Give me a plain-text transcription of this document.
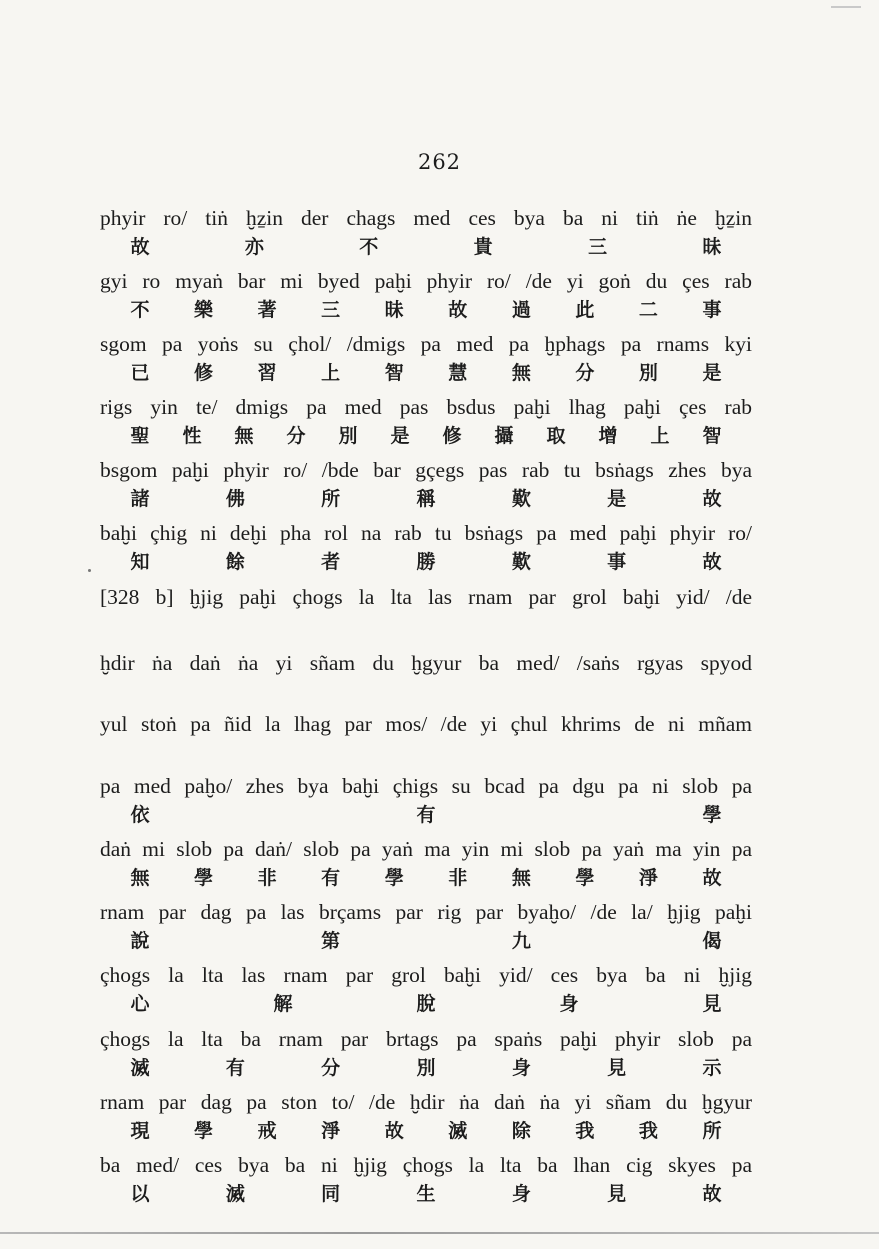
262
phyir ro/ tiṅ ḫẕin der chags med ces bya ba ni tiṅ ṅe ḫẕin
故	亦	不	貴	三	昧
gyi ro myaṅ bar mi byed paḫi phyir ro/ /de yi goṅ du çes rab
不 樂 著 三 昧 故 過 此 二 事
sgom pa yoṅs su çhol/ /dmigs pa med pa ḫphags pa rnams kyi
已 修 習 上 智 慧 無 分 別 是
rigs yin te/ dmigs pa med pas bsdus paḫi lhag paḫi çes rab
聖 性 無 分 別 是 修 攝 取 增 上 智
bsgom paḫi phyir ro/ /bde bar gçegs pas rab tu bsṅags zhes bya
諸	佛	所	稱	歎	是	故
baḫi çhig ni deḫi pha rol na rab tu bsṅags pa med paḫi phyir ro/
知	餘	者	勝	歎	事	故
[328 b] ḫjig paḫi çhogs la lta las rnam par grol baḫi yid/ /de
ḫdir ṅa daṅ ṅa yi sñam du ḫgyur ba med/ /saṅs rgyas spyod
yul stoṅ pa ñid la lhag par mos/ /de yi çhul khrims de ni mñam
pa med paḫo/ zhes bya baḫi çhigs su bcad pa dgu pa ni slob pa
依	有	學
daṅ mi slob pa daṅ/ slob pa yaṅ ma yin mi slob pa yaṅ ma yin pa
無 學 非 有 學 非 無 學 淨 故
rnam par dag pa las brçams par rig par byaḫo/ /de la/ ḫjig paḫi
說	第	九	偈
çhogs la lta las rnam par grol baḫi yid/ ces bya ba ni ḫjig
心	解	脫	身	見
çhogs la lta ba rnam par brtags pa spaṅs paḫi phyir slob pa
滅	有	分	別	身	見	示
rnam par dag pa ston to/ /de ḫdir ṅa daṅ ṅa yi sñam du ḫgyur
現 學 戒 淨 故 滅 除 我 我 所
ba med/ ces bya ba ni ḫjig çhogs la lta ba lhan cig skyes pa
以	滅	同	生	身	見	故
